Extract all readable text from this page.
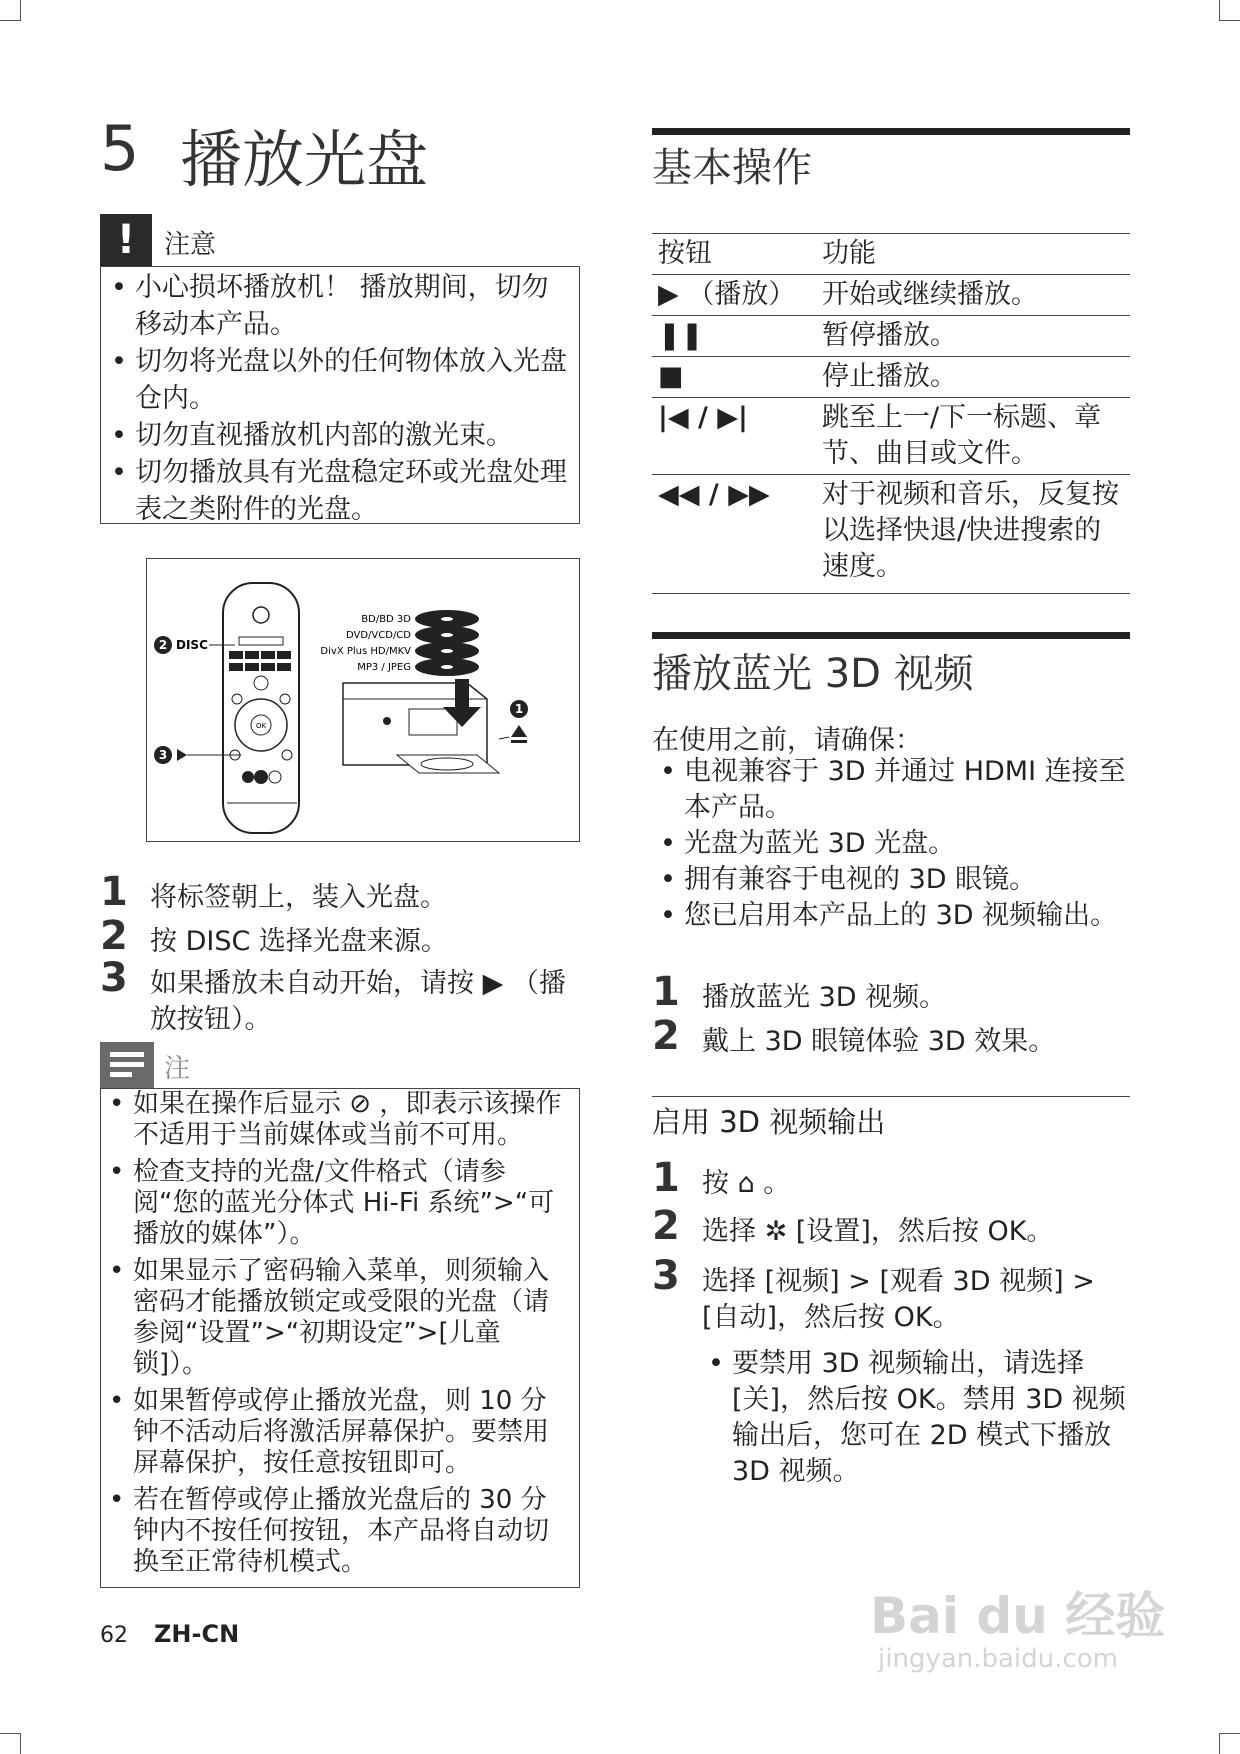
5 播放光盘
!	注意
• 小心损坏播放机！ 播放期间，切勿移动本产品。
• 切勿将光盘以外的任何物体放入光盘仓内。
• 切勿直视播放机内部的激光束。
• 切勿播放具有光盘稳定环或光盘处理表之类附件的光盘。
OK
2 DISC
3
BD/BD 3D
DVD/VCD/CD
DivX Plus HD/MKV
MP3 / JPEG
1
1 将标签朝上，装入光盘。
2 按 DISC 选择光盘来源。
3 如果播放未自动开始，请按 ▶ （播放按钮）。
注
• 如果在操作后显示 ⊘ ，即表示该操作不适用于当前媒体或当前不可用。
• 检查支持的光盘/文件格式（请参阅“您的蓝光分体式 Hi-Fi 系统”>“可播放的媒体”）。
• 如果显示了密码输入菜单，则须输入密码才能播放锁定或受限的光盘（请参阅“设置”>“初期设定”>[儿童锁]）。
• 如果暂停或停止播放光盘，则 10 分钟不活动后将激活屏幕保护。要禁用屏幕保护，按任意按钮即可。
• 若在暂停或停止播放光盘后的 30 分钟内不按任何按钮，本产品将自动切换至正常待机模式。
62 ZH-CN
基本操作
按钮	功能
▶ （播放）	开始或继续播放。
❚❚	暂停播放。
■	停止播放。
|◀ / ▶|	跳至上一/下一标题、章节、曲目或文件。
◀◀ / ▶▶	对于视频和音乐，反复按以选择快退/快进搜索的速度。
播放蓝光 3D 视频
在使用之前，请确保：
• 电视兼容于 3D 并通过 HDMI 连接至本产品。
• 光盘为蓝光 3D 光盘。
• 拥有兼容于电视的 3D 眼镜。
• 您已启用本产品上的 3D 视频输出。
1 播放蓝光 3D 视频。
2 戴上 3D 眼镜体验 3D 效果。
启用 3D 视频输出
1 按 ⌂ 。
2 选择 ✲ [设置]，然后按 OK。
3 选择 [视频] > [观看 3D 视频] > [自动]，然后按 OK。
• 要禁用 3D 视频输出，请选择 [关]，然后按 OK。禁用 3D 视频输出后，您可在 2D 模式下播放 3D 视频。
Bai du 经验
jingyan.baidu.com
